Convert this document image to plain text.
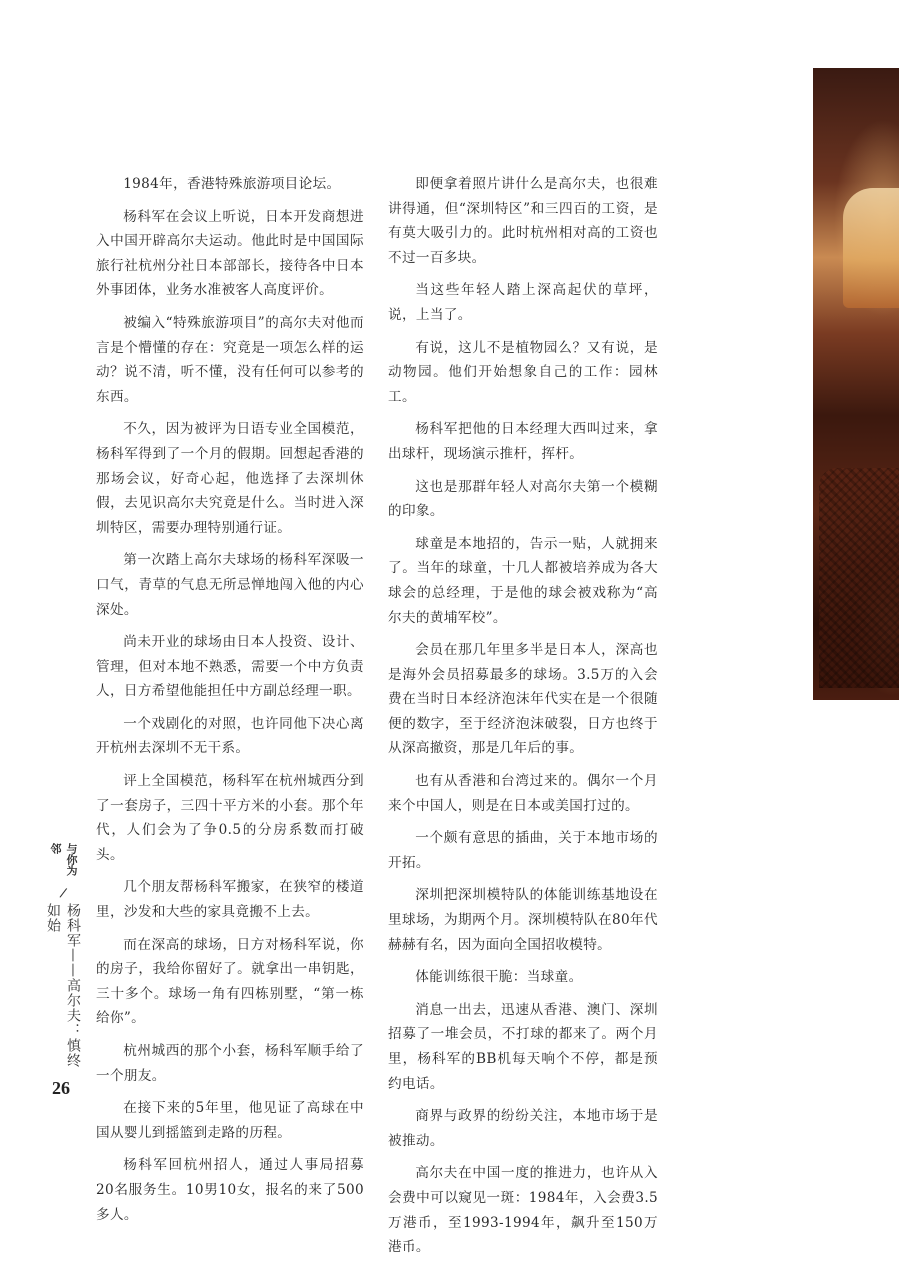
1984年，香港特殊旅游项目论坛。

杨科军在会议上听说，日本开发商想进入中国开辟高尔夫运动。他此时是中国国际旅行社杭州分社日本部部长，接待各中日本外事团体，业务水准被客人高度评价。

被编入“特殊旅游项目”的高尔夫对他而言是个懵懂的存在：究竟是一项怎么样的运动？说不清，听不懂，没有任何可以参考的东西。

不久，因为被评为日语专业全国模范，杨科军得到了一个月的假期。回想起香港的那场会议，好奇心起，他选择了去深圳休假，去见识高尔夫究竟是什么。当时进入深圳特区，需要办理特别通行证。

第一次踏上高尔夫球场的杨科军深吸一口气，青草的气息无所忌惮地闯入他的内心深处。

尚未开业的球场由日本人投资、设计、管理，但对本地不熟悉，需要一个中方负责人，日方希望他能担任中方副总经理一职。

一个戏剧化的对照，也许同他下决心离开杭州去深圳不无干系。

评上全国模范，杨科军在杭州城西分到了一套房子，三四十平方米的小套。那个年代，人们会为了争0.5的分房系数而打破头。

几个朋友帮杨科军搬家，在狭窄的楼道里，沙发和大些的家具竟搬不上去。

而在深高的球场，日方对杨科军说，你的房子，我给你留好了。就拿出一串钥匙，三十多个。球场一角有四栋别墅，“第一栋给你”。

杭州城西的那个小套，杨科军顺手给了一个朋友。

在接下来的5年里，他见证了高球在中国从婴儿到摇篮到走路的历程。

杨科军回杭州招人，通过人事局招募20名服务生。10男10女，报名的来了500多人。

即便拿着照片讲什么是高尔夫，也很难讲得通，但“深圳特区”和三四百的工资，是有莫大吸引力的。此时杭州相对高的工资也不过一百多块。

当这些年轻人踏上深高起伏的草坪，说，上当了。

有说，这儿不是植物园么？又有说，是动物园。他们开始想象自己的工作：园林工。

杨科军把他的日本经理大西叫过来，拿出球杆，现场演示推杆，挥杆。

这也是那群年轻人对高尔夫第一个模糊的印象。

球童是本地招的，告示一贴，人就拥来了。当年的球童，十几人都被培养成为各大球会的总经理，于是他的球会被戏称为“高尔夫的黄埔军校”。

会员在那几年里多半是日本人，深高也是海外会员招募最多的球场。3.5万的入会费在当时日本经济泡沫年代实在是一个很随便的数字，至于经济泡沫破裂，日方也终于从深高撤资，那是几年后的事。

也有从香港和台湾过来的。偶尔一个月来个中国人，则是在日本或美国打过的。

一个颇有意思的插曲，关于本地市场的开拓。

深圳把深圳模特队的体能训练基地设在里球场，为期两个月。深圳模特队在80年代赫赫有名，因为面向全国招收模特。

体能训练很干脆：当球童。

消息一出去，迅速从香港、澳门、深圳招募了一堆会员，不打球的都来了。两个月里，杨科军的BB机每天响个不停，都是预约电话。

商界与政界的纷纷关注，本地市场于是被推动。

高尔夫在中国一度的推进力，也许从入会费中可以窥见一斑：1984年，入会费3.5万港币，至1993-1994年，飙升至150万港币。

与你为邻
/
杨科军——高尔夫：慎终如始
26
